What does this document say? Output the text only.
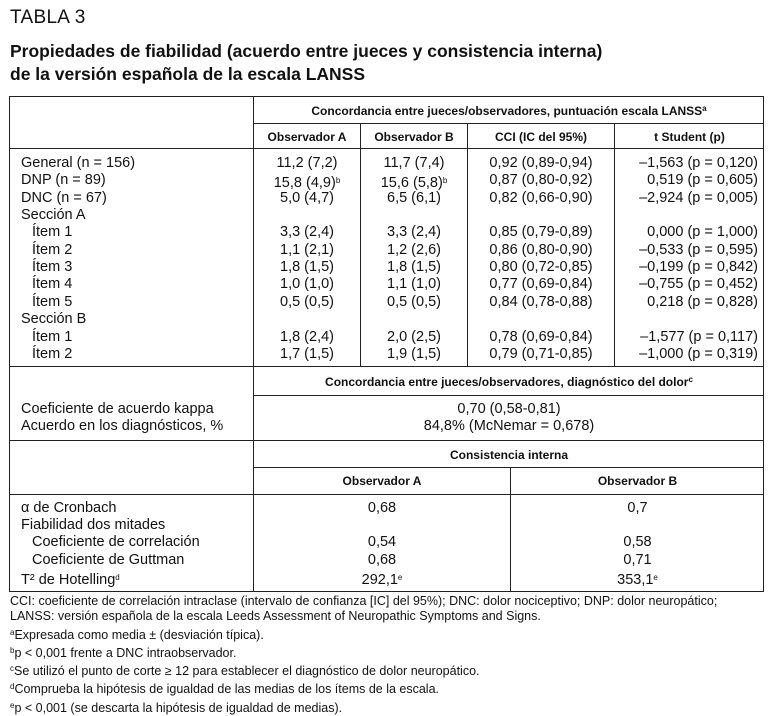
TABLA 3
Propiedades de fiabilidad (acuerdo entre jueces y consistencia interna)
de la versión española de la escala LANSS
Concordancia entre jueces/observadores, puntuación escala LANSS$^a$
Observador A	Observador B	CCI (IC del 95%)	t Student (p)
General (n = 156)	11,2 (7,2)	11,7 (7,4)	0,92 (0,89-0,94)	–1,563 (p = 0,120)
DNP (n = 89)	15,8 $(4,9)^b$	15,6 $(5,8)^b$	0,87 (0,80-0,92)	0,519 (p = 0,605)
DNC (n = 67)	5,0 (4,7)	6,5 (6,1)	0,82 (0,66-0,90)	–2,924 (p = 0,005)
Sección A
Ítem 1	3,3 (2,4)	3,3 (2,4)	0,85 (0,79-0,89)	0,000 (p = 1,000)
Ítem 2	1,1 (2,1)	1,2 (2,6)	0,86 (0,80-0,90)	–0,533 (p = 0,595)
Ítem 3	1,8 (1,5)	1,8 (1,5)	0,80 (0,72-0,85)	–0,199 (p = 0,842)
Ítem 4	1,0 (1,0)	1,1 (1,0)	0,77 (0,69-0,84)	–0,755 (p = 0,452)
Ítem 5	0,5 (0,5)	0,5 (0,5)	0,84 (0,78-0,88)	0,218 (p = 0,828)
Sección B
Ítem 1	1,8 (2,4)	2,0 (2,5)	0,78 (0,69-0,84)	–1,577 (p = 0,117)
Ítem 2	1,7 (1,5)	1,9 (1,5)	0,79 (0,71-0,85)	–1,000 (p = 0,319)
Concordancia entre jueces/observadores, diagnóstico del dolor$^c$
Coeficiente de acuerdo kappa	0,70 (0,58-0,81)
Acuerdo en los diagnósticos, %	84,8% (McNemar = 0,678)
Consistencia interna
Observador A	Observador B
α de Cronbach	0,68	0,7
Fiabilidad dos mitades
Coeficiente de correlación	0,54	0,58
Coeficiente de Guttman	0,68	0,71
T² de Hotelling$^d$	292,1e	353,1e
CCI: coeficiente de correlación intraclase (intervalo de confianza [IC] del 95%); DNC: dolor nociceptivo; DNP: dolor neuropático;
LANSS: versión española de la escala Leeds Assessment of Neuropathic Symptoms and Signs.
$^a$Expresada como media ± (desviación típica).
$^b$p < 0,001 frente a DNC intraobservador.
$^c$Se utilizó el punto de corte ≥ 12 para establecer el diagnóstico de dolor neuropático.
$^d$Comprueba la hipótesis de igualdad de las medias de los ítems de la escala.
$^e$p < 0,001 (se descarta la hipótesis de igualdad de medias).
